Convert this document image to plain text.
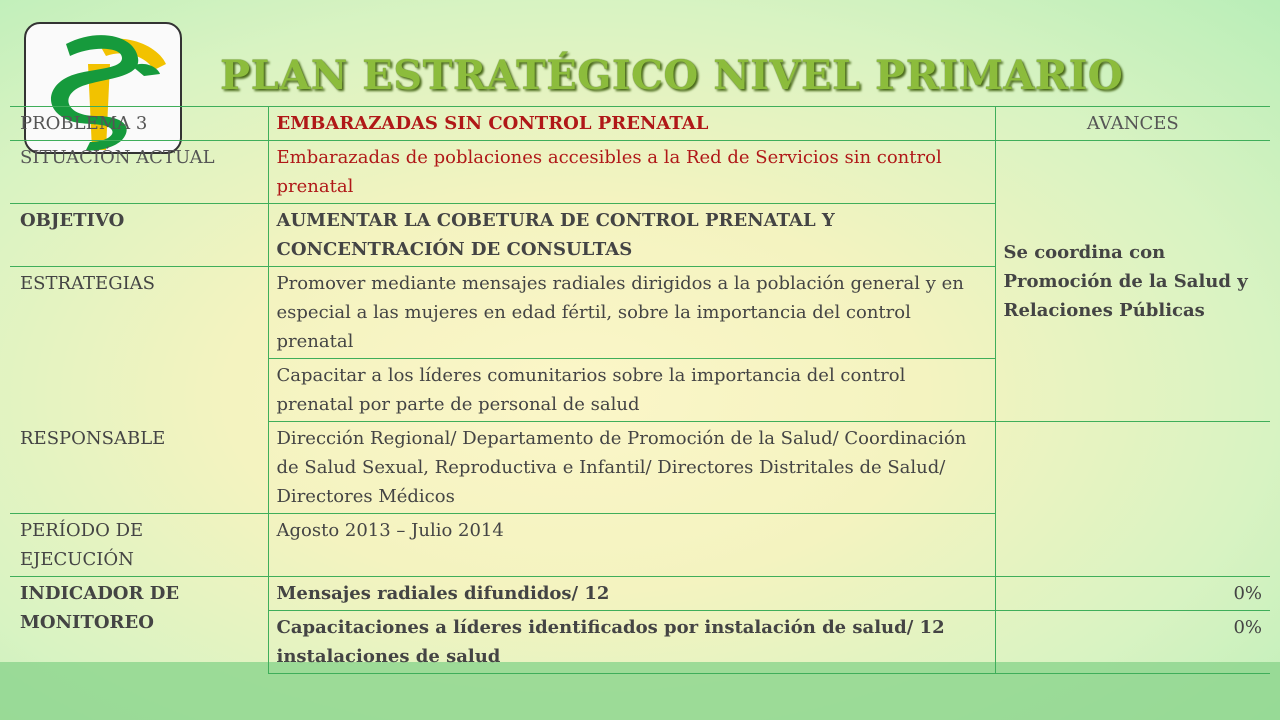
PLAN ESTRATÉGICO NIVEL PRIMARIO
PROBLEMA 3	EMBARAZADAS SIN CONTROL PRENATAL	AVANCES
SITUACIÓN ACTUAL	Embarazadas de poblaciones accesibles a la Red de Servicios sin control prenatal	Se coordina con Promoción de la Salud y Relaciones Públicas
OBJETIVO	AUMENTAR LA COBETURA DE CONTROL PRENATAL Y CONCENTRACIÓN DE CONSULTAS	
ESTRATEGIAS	Promover mediante mensajes radiales dirigidos a la población general y en especial a las mujeres en edad fértil, sobre la importancia del control prenatal	
	Capacitar a los líderes comunitarios sobre la importancia del control prenatal por parte de personal de salud	
RESPONSABLE	Dirección Regional/ Departamento de Promoción de la Salud/ Coordinación de Salud Sexual, Reproductiva e Infantil/ Directores Distritales de Salud/ Directores Médicos	
PERÍODO DE EJECUCIÓN	Agosto 2013 – Julio 2014	
INDICADOR DE MONITOREO	Mensajes radiales difundidos/ 12	0%
	Capacitaciones a líderes identificados por instalación de salud/ 12 instalaciones de salud	0%
